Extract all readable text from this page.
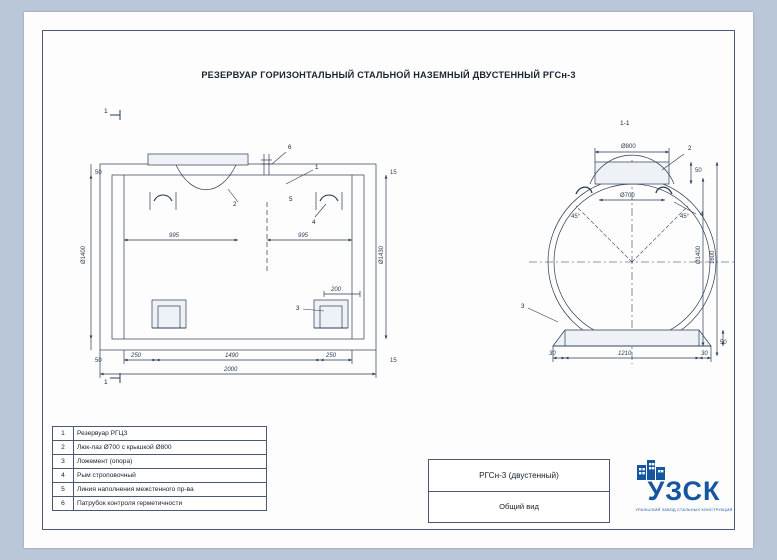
РЕЗЕРВУАР ГОРИЗОНТАЛЬНЫЙ СТАЛЬНОЙ НАЗЕМНЫЙ ДВУСТЕННЫЙ РГСн-3
1
1
6
1
2
4
5
3
50
50
15
15
Ø1400	Ø1430
995	995
250	1490	250
2000
200
1-1
Ø800
Ø700
45°	45°
2
4
3
50
Ø1400 1600
50
30	1210	30
1	Резервуар РГЦЗ
2	Люк-лаз Ø700 с крышкой Ø800
3	Ложемент (опора)
4	Рым строповочный
5	Линия наполнения межстенного пр-ва
6	Патрубок контроля герметичности
РГСн-3 (двустенный)
Общий вид
УЗСК
УРАЛЬСКИЙ ЗАВОД СТАЛЬНЫХ КОНСТРУКЦИЙ
